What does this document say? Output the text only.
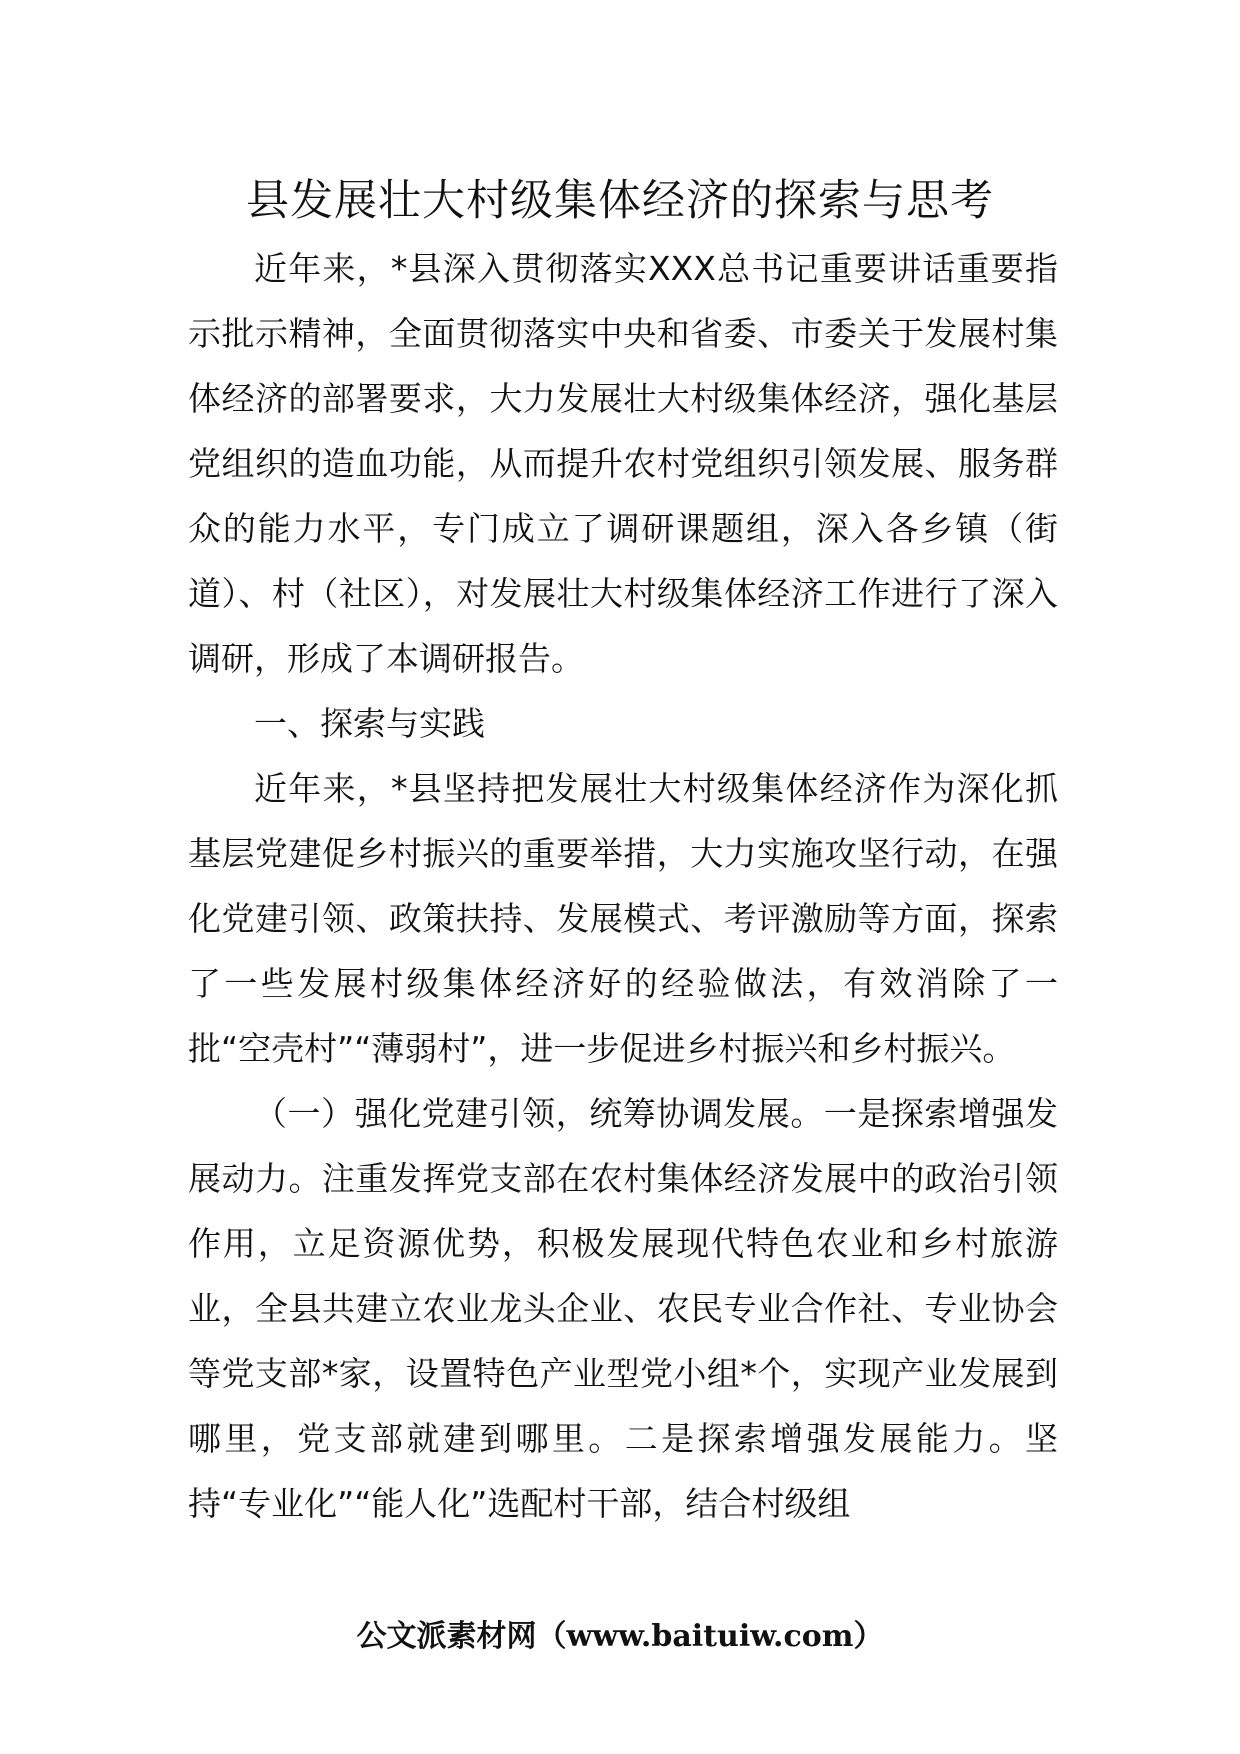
县发展壮大村级集体经济的探索与思考

近年来，*县深入贯彻落实XXX总书记重要讲话重要指示批示精神，全面贯彻落实中央和省委、市委关于发展村集体经济的部署要求，大力发展壮大村级集体经济，强化基层党组织的造血功能，从而提升农村党组织引领发展、服务群众的能力水平，专门成立了调研课题组，深入各乡镇（街道）、村（社区），对发展壮大村级集体经济工作进行了深入调研，形成了本调研报告。

一、探索与实践

近年来，*县坚持把发展壮大村级集体经济作为深化抓基层党建促乡村振兴的重要举措，大力实施攻坚行动，在强化党建引领、政策扶持、发展模式、考评激励等方面，探索了一些发展村级集体经济好的经验做法，有效消除了一批“空壳村”“薄弱村”，进一步促进乡村振兴和乡村振兴。

（一）强化党建引领，统筹协调发展。一是探索增强发展动力。注重发挥党支部在农村集体经济发展中的政治引领作用，立足资源优势，积极发展现代特色农业和乡村旅游业，全县共建立农业龙头企业、农民专业合作社、专业协会等党支部*家，设置特色产业型党小组*个，实现产业发展到哪里，党支部就建到哪里。二是探索增强发展能力。坚持“专业化”“能人化”选配村干部，结合村级组

公文派素材网（www.baituiw.com）
